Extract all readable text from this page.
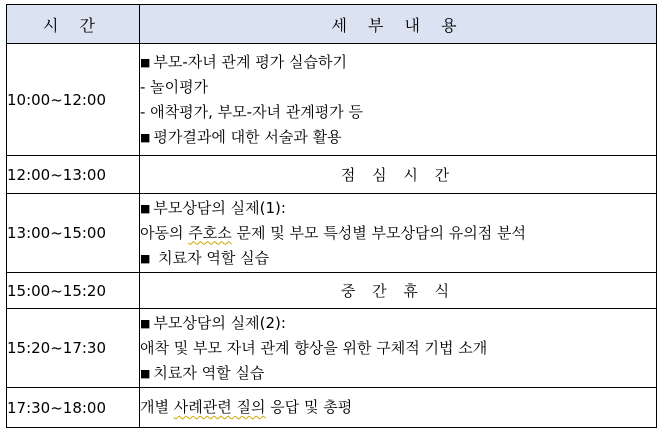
시 간	세 부 내 용
10:00~12:00	■ 부모-자녀 관계 평가 실습하기
- 놀이평가
- 애착평가, 부모-자녀 관계평가 등
■ 평가결과에 대한 서술과 활용

12:00~13:00	점 심 시 간
13:00~15:00	■ 부모상담의 실제(1):
아동의 주호소 문제 및 부모 특성별 부모상담의 유의점 분석
■ 치료자 역할 실습

15:00~15:20	중 간 휴 식
15:20~17:30	■ 부모상담의 실제(2):
애착 및 부모 자녀 관계 향상을 위한 구체적 기법 소개
■ 치료자 역할 실습

17:30~18:00	개별 사례관련 질의 응답 및 총평
